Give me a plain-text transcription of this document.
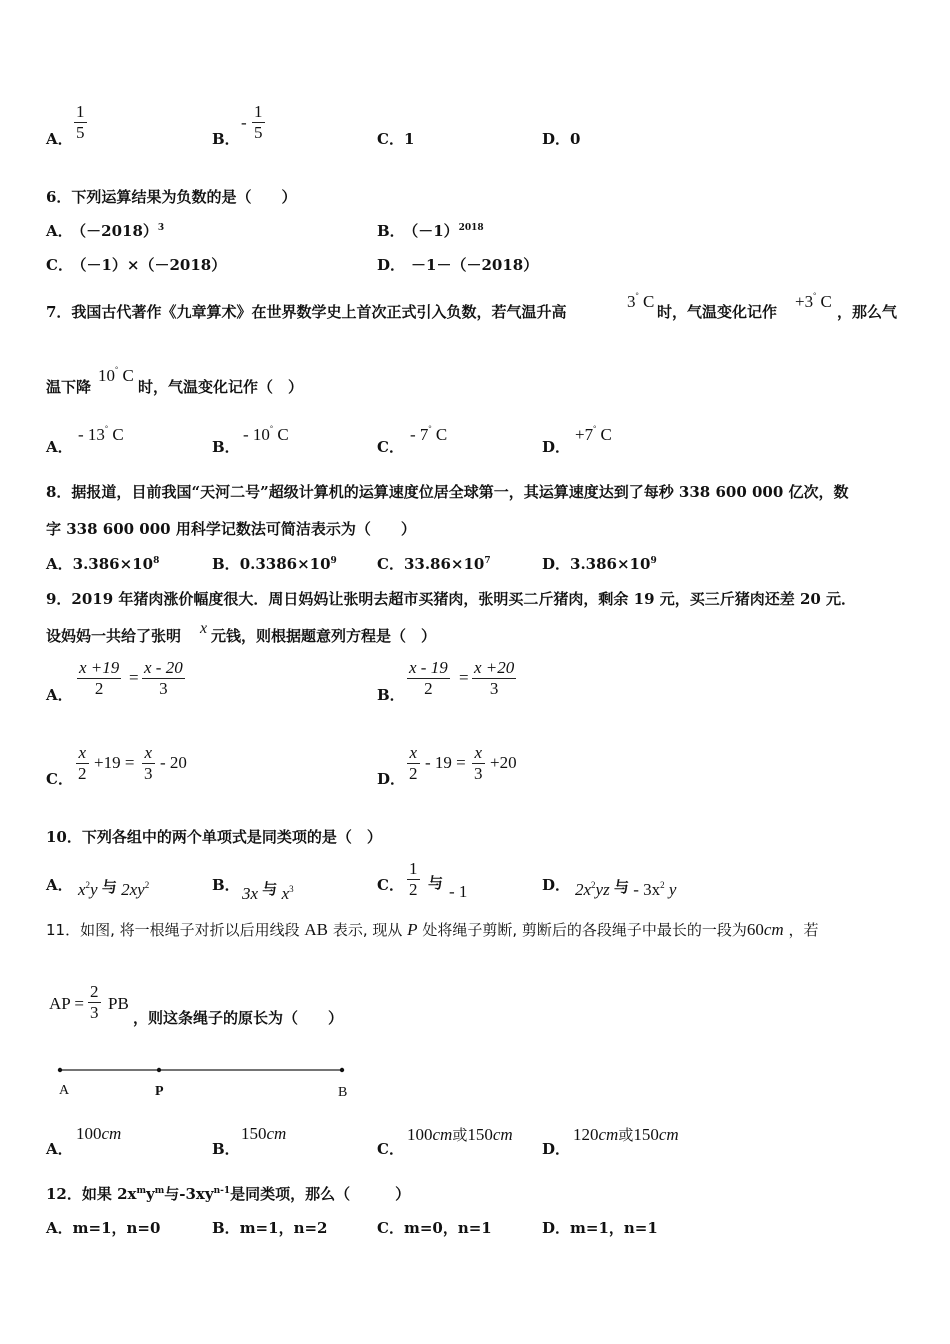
A． $\frac{1}{5}$	B．
- $\frac{1}{5}$	C．1	D．0
6．下列运算结果为负数的是（　　）
A． $(-2018)^3$	B． $(-1)^{2018}$
C． （－1）×（－2018）	D． －1－（－2018）
7．我国古代著作《九章算术》在世界数学史上首次正式引入负数，若气温升高
3° C
时，气温变化记作
+3° C
，那么气
温下降
10° C
时，气温变化记作（　）
A．
- 13° C
B．
- 10° C
C．
- 7° C
D．
+7° C
8．据报道，目前我国“天河二号”超级计算机的运算速度位居全球第一，其运算速度达到了每秒 338 600 000 亿次，数
字 338 600 000 用科学记数法可简洁表示为（　　）
A．$3.386\times 10^8$	B．$0.3386\times 10^9$	C．$33.86\times 10^7$	D．$3.386\times 10^9$
9．2019 年猪肉涨价幅度很大．周日妈妈让张明去超市买猪肉，张明买二斤猪肉，剩余 19 元，买三斤猪肉还差 20 元．
设妈妈一共给了张明 x 元钱，则根据题意列方程是（　）
A． $\frac{x +19}{2} = \frac{x - 20}{3}$	B． $\frac{x - 19}{2} = \frac{x +20}{3}$
C． $\frac{x}{2} +19 = \frac{x}{3} - 20$
D． $\frac{x}{2} - 19 = \frac{x}{3} +20$
10．下列各组中的两个单项式是同类项的是（　）
A． $x^2y$ 与 $2xy^2$	B． 3x 与 $x^3$	C． $\frac{1}{2}$ 与 - 1	D． $2x^2yz$ 与 - $3x^2$ y
11．如图, 将一根绳子对折以后用线段 AB 表示, 现从 P 处将绳子剪断, 剪断后的各段绳子中最长的一段为60cm ，若
AP = $\frac{2}{3}$ PB
，则这条绳子的原长为（　　）
A	P	B
A．
100cm
B．
150cm
C．
100cm或150cm
D．
120cm或150cm
12．如果 $2x^my^m$与$-3xy^{n-1}$是同类项，那么（　　　）
A．m=1，n=0	B．m=1，n=2	C．m=0，n=1	D．m=1，n=1
